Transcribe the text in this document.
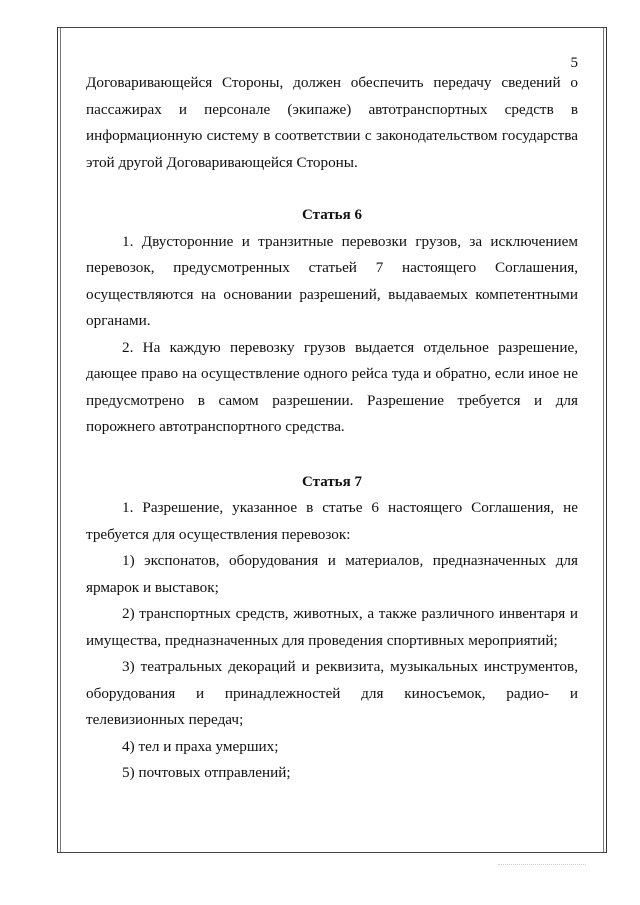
5

Договаривающейся Стороны, должен обеспечить передачу сведений о пассажирах и персонале (экипаже) автотранспортных средств в информационную систему в соответствии с законодательством государства этой другой Договаривающейся Стороны.

Статья 6

1. Двусторонние и транзитные перевозки грузов, за исключением перевозок, предусмотренных статьей 7 настоящего Соглашения, осуществляются на основании разрешений, выдаваемых компетентными органами.

2. На каждую перевозку грузов выдается отдельное разрешение, дающее право на осуществление одного рейса туда и обратно, если иное не предусмотрено в самом разрешении. Разрешение требуется и для порожнего автотранспортного средства.

Статья 7

1. Разрешение, указанное в статье 6 настоящего Соглашения, не требуется для осуществления перевозок:

1) экспонатов, оборудования и материалов, предназначенных для ярмарок и выставок;

2) транспортных средств, животных, а также различного инвентаря и имущества, предназначенных для проведения спортивных мероприятий;

3) театральных декораций и реквизита, музыкальных инструментов, оборудования и принадлежностей для киносъемок, радио- и телевизионных передач;

4) тел и праха умерших;

5) почтовых отправлений;
